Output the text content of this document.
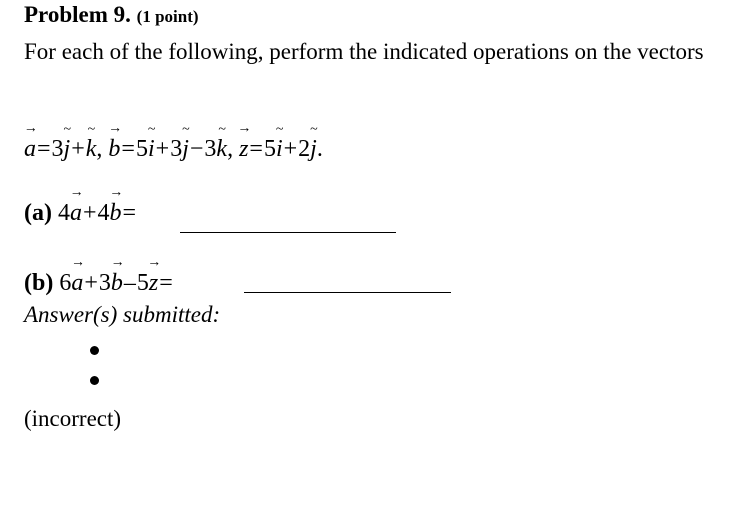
Problem 9. (1 point)
For each of the following, perform the indicated operations on the vectors
a →=3j ~+k ~, b →=5i ~+3j ~−3k ~, z →=5i ~+2j ~.
(a) 4a →+4b →=
(b) 6a →+3b →–5z →=
Answer(s) submitted:
(incorrect)
